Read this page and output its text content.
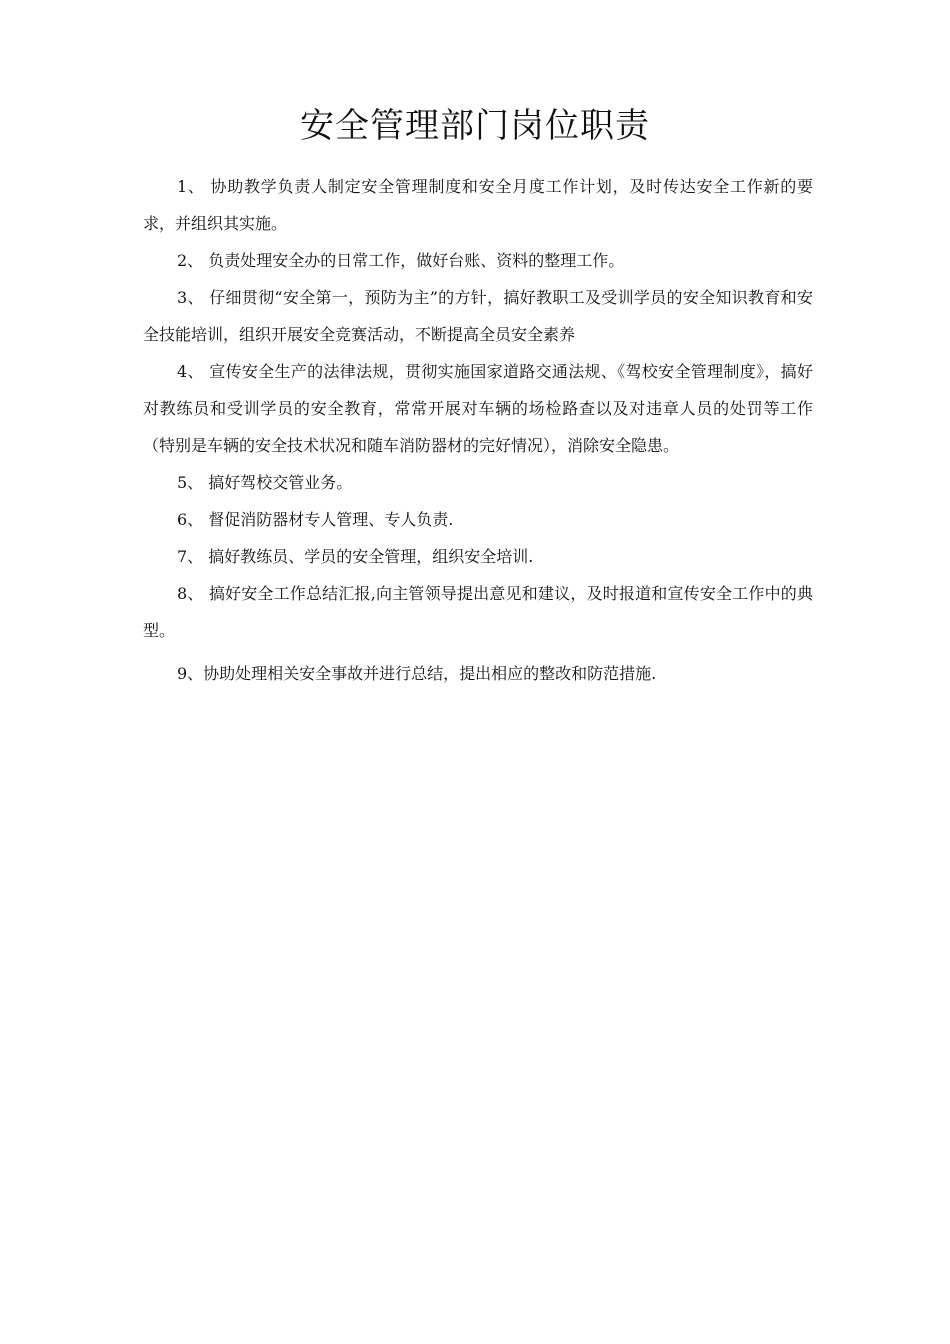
安全管理部门岗位职责

1、 协助教学负责人制定安全管理制度和安全月度工作计划，及时传达安全工作新的要求，并组织其实施。

2、 负责处理安全办的日常工作，做好台账、资料的整理工作。

3、 仔细贯彻“安全第一，预防为主”的方针，搞好教职工及受训学员的安全知识教育和安全技能培训，组织开展安全竞赛活动，不断提高全员安全素养

4、 宣传安全生产的法律法规，贯彻实施国家道路交通法规、《驾校安全管理制度》，搞好对教练员和受训学员的安全教育，常常开展对车辆的场检路查以及对违章人员的处罚等工作（特别是车辆的安全技术状况和随车消防器材的完好情况），消除安全隐患。

5、 搞好驾校交管业务。

6、 督促消防器材专人管理、专人负责.

7、 搞好教练员、学员的安全管理，组织安全培训.

8、 搞好安全工作总结汇报,向主管领导提出意见和建议，及时报道和宣传安全工作中的典型。

9、协助处理相关安全事故并进行总结，提出相应的整改和防范措施.
